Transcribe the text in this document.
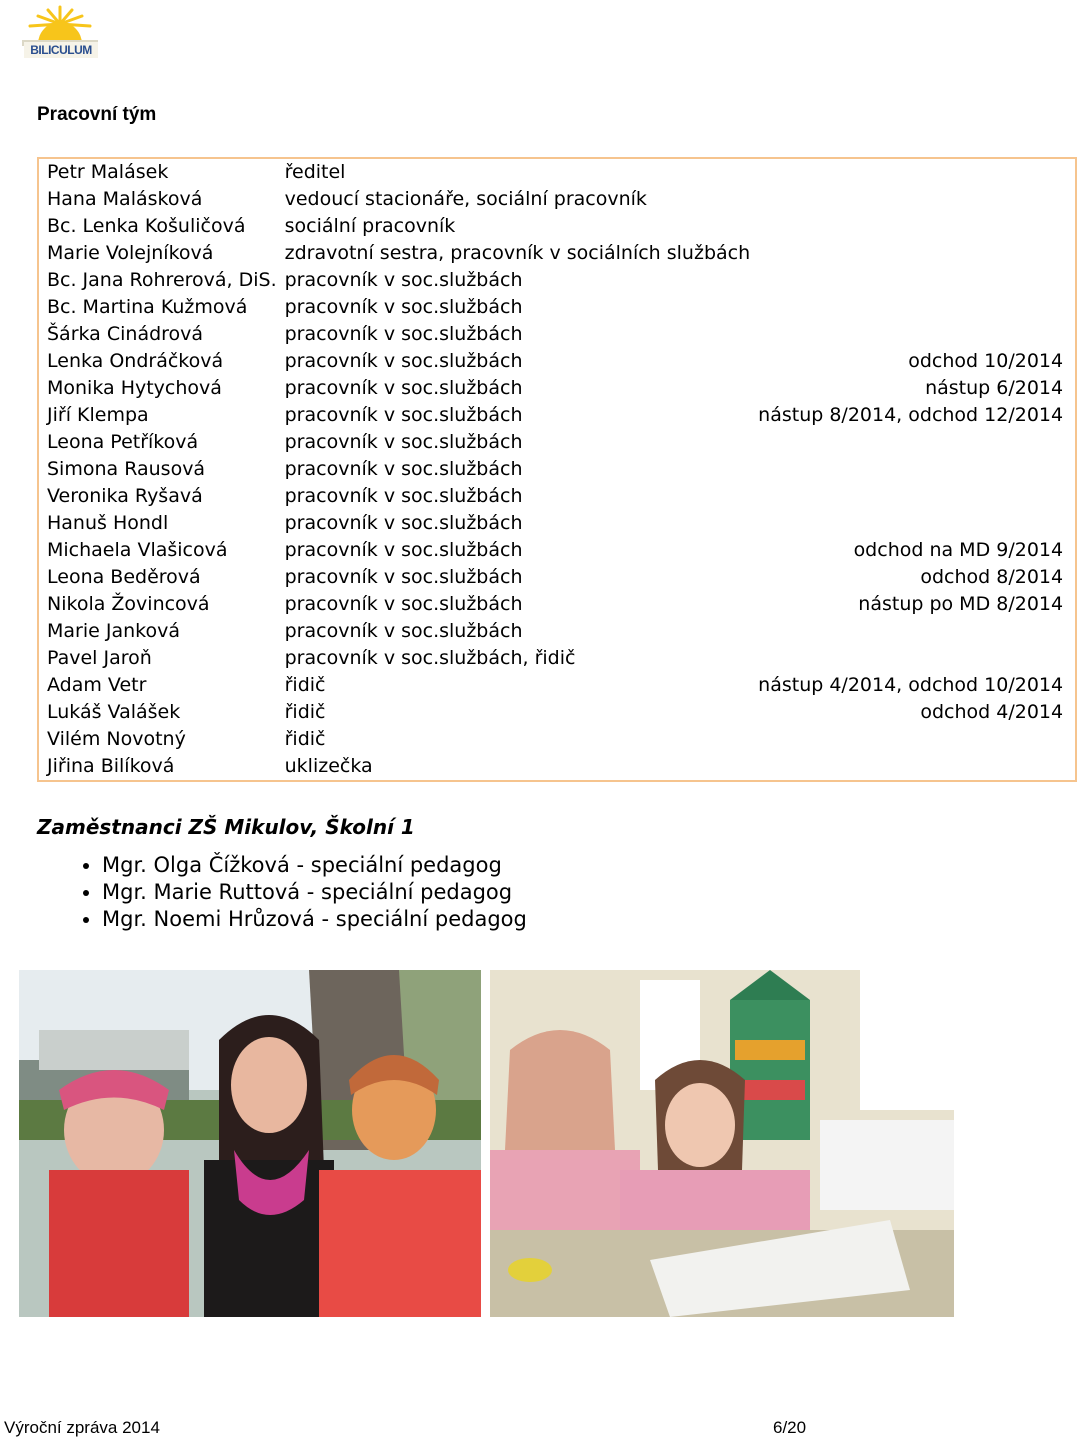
BILICULUM
Pracovní tým
Petr Malásek	ředitel	
Hana Malásková	vedoucí stacionáře, sociální pracovník	
Bc. Lenka Košuličová	sociální pracovník	
Marie Volejníková	zdravotní sestra, pracovník v sociálních službách	
Bc. Jana Rohrerová, DiS.	pracovník v soc.službách	
Bc. Martina Kužmová	pracovník v soc.službách	
Šárka Cinádrová	pracovník v soc.službách	
Lenka Ondráčková	pracovník v soc.službách	odchod 10/2014
Monika Hytychová	pracovník v soc.službách	nástup 6/2014
Jiří Klempa	pracovník v soc.službách	nástup 8/2014, odchod 12/2014
Leona Petříková	pracovník v soc.službách	
Simona Rausová	pracovník v soc.službách	
Veronika Ryšavá	pracovník v soc.službách	
Hanuš Hondl	pracovník v soc.službách	
Michaela Vlašicová	pracovník v soc.službách	odchod na MD 9/2014
Leona Beděrová	pracovník v soc.službách	odchod 8/2014
Nikola Žovincová	pracovník v soc.službách	nástup po MD 8/2014
Marie Janková	pracovník v soc.službách	
Pavel Jaroň	pracovník v soc.službách, řidič	
Adam Vetr	řidič	nástup 4/2014, odchod 10/2014
Lukáš Valášek	řidič	odchod 4/2014
Vilém Novotný	řidič	
Jiřina Bilíková	uklizečka	
Zaměstnanci ZŠ Mikulov, Školní 1
• Mgr. Olga Čížková - speciální pedagog
• Mgr. Marie Ruttová - speciální pedagog
• Mgr. Noemi Hrůzová - speciální pedagog
Výroční zpráva 2014	6/20
